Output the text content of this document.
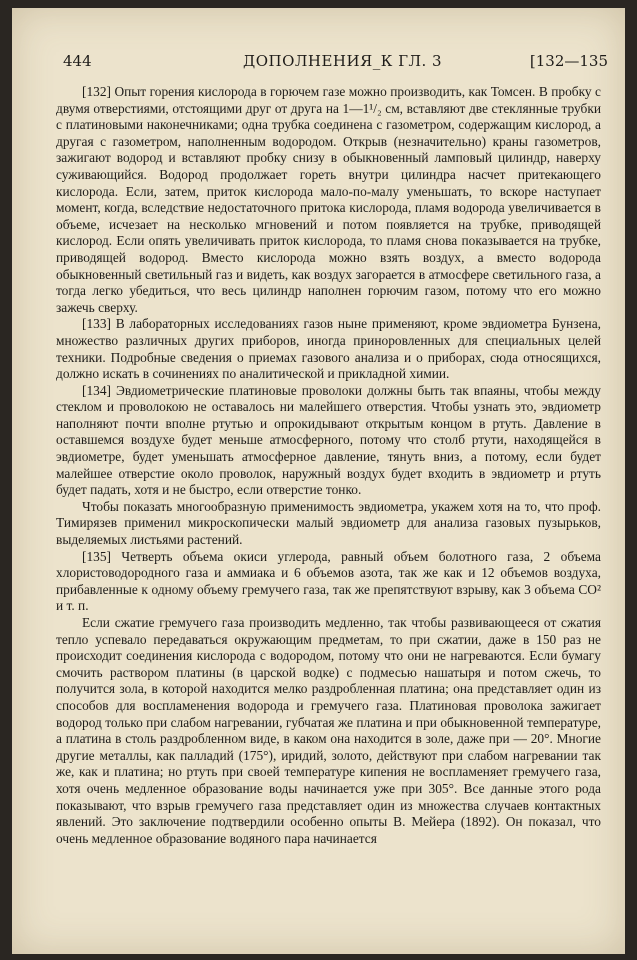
444	ДОПОЛНЕНИЯ_К ГЛ. 3	[132—135

[132] Опыт горения кислорода в горючем газе можно производить, как Томсен. В пробку с двумя отверстиями, отстоящими друг от друга на 1—1¹/₂ см, вставляют две стеклянные трубки с платиновыми наконечниками; одна трубка соединена с газометром, содержащим кислород, а другая с газометром, наполненным водородом. Открыв (незначительно) краны газометров, зажигают водород и вставляют пробку снизу в обыкновенный ламповый цилиндр, наверху суживающийся. Водород продолжает гореть внутри цилиндра насчет притекающего кислорода. Если, затем, приток кислорода мало-по-малу уменьшать, то вскоре наступает момент, когда, вследствие недостаточного притока кислорода, пламя водорода увеличивается в объеме, исчезает на несколько мгновений и потом появляется на трубке, приводящей кислород. Если опять увеличивать приток кислорода, то пламя снова показывается на трубке, приводящей водород. Вместо кислорода можно взять воздух, а вместо водорода обыкновенный светильный газ и видеть, как воздух загорается в атмосфере светильного газа, а тогда легко убедиться, что весь цилиндр наполнен горючим газом, потому что его можно зажечь сверху.

[133] В лабораторных исследованиях газов ныне применяют, кроме эвдиометра Бунзена, множество различных других приборов, иногда приноровленных для специальных целей техники. Подробные сведения о приемах газового анализа и о приборах, сюда относящихся, должно искать в сочинениях по аналитической и прикладной химии.

[134] Эвдиометрические платиновые проволоки должны быть так впаяны, чтобы между стеклом и проволокою не оставалось ни малейшего отверстия. Чтобы узнать это, эвдиометр наполняют почти вполне ртутью и опрокидывают открытым концом в ртуть. Давление в оставшемся воздухе будет меньше атмосферного, потому что столб ртути, находящейся в эвдиометре, будет уменьшать атмосферное давление, тянуть вниз, а потому, если будет малейшее отверстие около проволок, наружный воздух будет входить в эвдиометр и ртуть будет падать, хотя и не быстро, если отверстие тонко.

Чтобы показать многообразную применимость эвдиометра, укажем хотя на то, что проф. Тимирязев применил микроскопически малый эвдиометр для анализа газовых пузырьков, выделяемых листьями растений.

[135] Четверть объема окиси углерода, равный объем болотного газа, 2 объема хлористоводородного газа и аммиака и 6 объемов азота, так же как и 12 объемов воздуха, прибавленные к одному объему гремучего газа, так же препятствуют взрыву, как 3 объема CO² и т. п.

Если сжатие гремучего газа производить медленно, так чтобы развивающееся от сжатия тепло успевало передаваться окружающим предметам, то при сжатии, даже в 150 раз не происходит соединения кислорода с водородом, потому что они не нагреваются. Если бумагу смочить раствором платины (в царской водке) с подмесью нашатыря и потом сжечь, то получится зола, в которой находится мелко раздробленная платина; она представляет один из способов для воспламенения водорода и гремучего газа. Платиновая проволока зажигает водород только при слабом нагревании, губчатая же платина и при обыкновенной температуре, а платина в столь раздробленном виде, в каком она находится в золе, даже при — 20°. Многие другие металлы, как палладий (175°), иридий, золото, действуют при слабом нагревании так же, как и платина; но ртуть при своей температуре кипения не воспламеняет гремучего газа, хотя очень медленное образование воды начинается уже при 305°. Все данные этого рода показывают, что взрыв гремучего газа представляет один из множества случаев контактных явлений. Это заключение подтвердили особенно опыты В. Мейера (1892). Он показал, что очень медленное образование водяного пара начинается
